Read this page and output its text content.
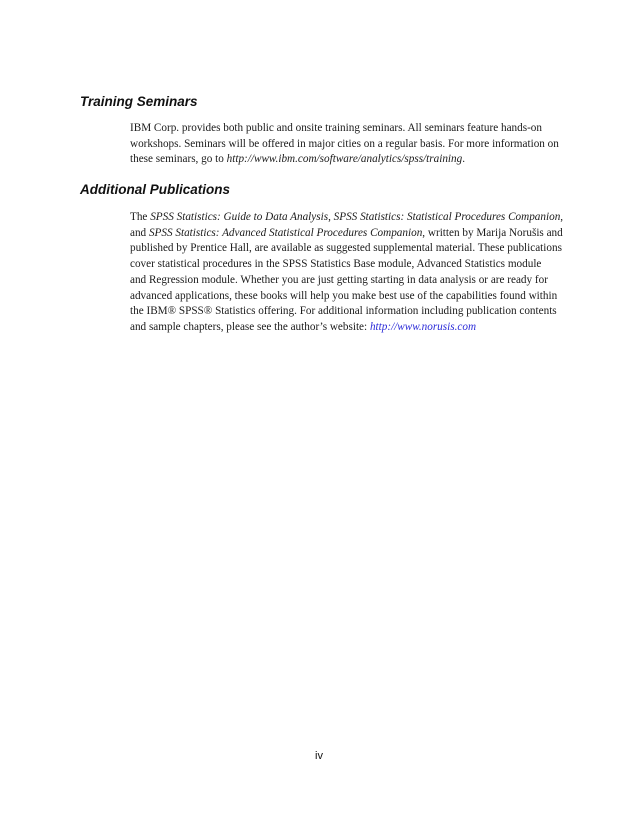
Training Seminars
IBM Corp. provides both public and onsite training seminars. All seminars feature hands-on
workshops. Seminars will be offered in major cities on a regular basis. For more information on
these seminars, go to http://www.ibm.com/software/analytics/spss/training.
Additional Publications
The SPSS Statistics: Guide to Data Analysis, SPSS Statistics: Statistical Procedures Companion,
and SPSS Statistics: Advanced Statistical Procedures Companion, written by Marija Norušis and
published by Prentice Hall, are available as suggested supplemental material. These publications
cover statistical procedures in the SPSS Statistics Base module, Advanced Statistics module
and Regression module. Whether you are just getting starting in data analysis or are ready for
advanced applications, these books will help you make best use of the capabilities found within
the IBM® SPSS® Statistics offering. For additional information including publication contents
and sample chapters, please see the author’s website: http://www.norusis.com
iv
